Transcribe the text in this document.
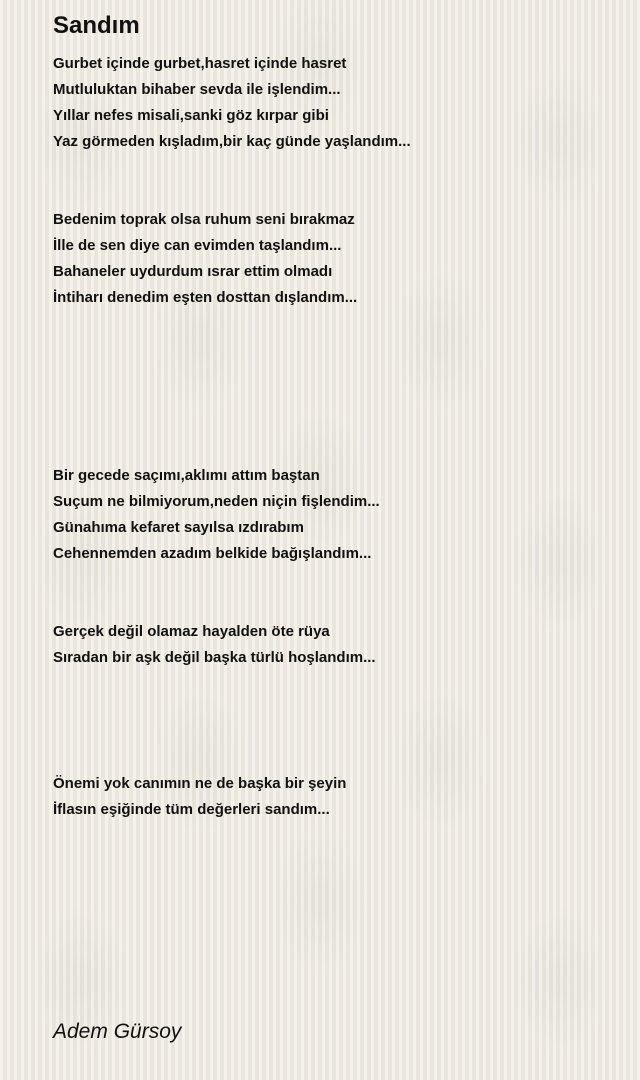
Sandım
Gurbet içinde gurbet,hasret içinde hasret
Mutluluktan bihaber sevda ile işlendim...
Yıllar nefes misali,sanki göz kırpar gibi
Yaz görmeden kışladım,bir kaç günde yaşlandım...
Bedenim toprak olsa ruhum seni bırakmaz
İlle de sen diye can evimden taşlandım...
Bahaneler uydurdum ısrar ettim olmadı
İntiharı denedim eşten dosttan dışlandım...
Bir gecede saçımı,aklımı attım baştan
Suçum ne bilmiyorum,neden niçin fişlendim...
Günahıma kefaret sayılsa ızdırabım
Cehennemden azadım belkide bağışlandım...
Gerçek değil olamaz hayalden öte rüya
Sıradan bir aşk değil başka türlü hoşlandım...
Önemi yok canımın ne de başka bir şeyin
İflasın eşiğinde tüm değerleri sandım...

Adem Gürsoy
